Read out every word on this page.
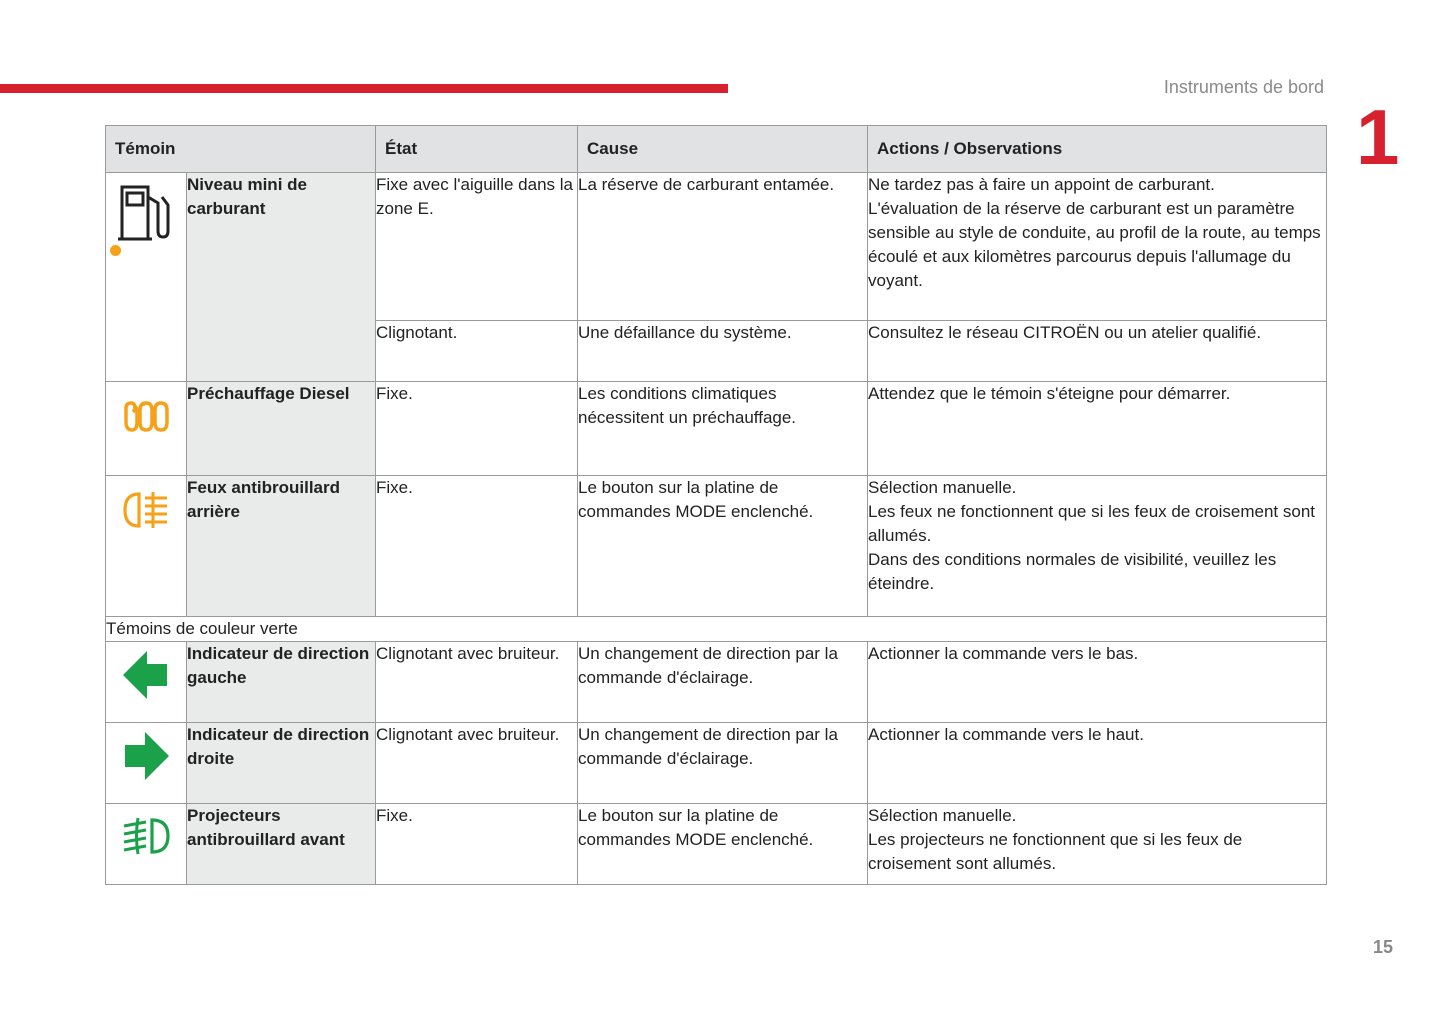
Instruments de bord
1
15
Témoin		État	Cause	Actions / Observations

	Niveau mini de carburant	Fixe avec l'aiguille dans la zone E.	La réserve de carburant entamée.	Ne tardez pas à faire un appoint de carburant.
L'évaluation de la réserve de carburant est un paramètre sensible au style de conduite, au profil de la route, au temps écoulé et aux kilomètres parcourus depuis l'allumage du voyant.

		Clignotant.	Une défaillance du système.	Consultez le réseau CITROËN ou un atelier qualifié.

	Préchauffage Diesel	Fixe.	Les conditions climatiques nécessitent un préchauffage.	Attendez que le témoin s'éteigne pour démarrer.

	Feux antibrouillard arrière	Fixe.	Le bouton sur la platine de commandes MODE enclenché.	Sélection manuelle.
Les feux ne fonctionnent que si les feux de croisement sont allumés.
Dans des conditions normales de visibilité, veuillez les éteindre.

Témoins de couleur verte				

	Indicateur de direction gauche	Clignotant avec bruiteur.	Un changement de direction par la commande d'éclairage.	Actionner la commande vers le bas.

	Indicateur de direction droite	Clignotant avec bruiteur.	Un changement de direction par la commande d'éclairage.	Actionner la commande vers le haut.

	Projecteurs antibrouillard avant	Fixe.	Le bouton sur la platine de commandes MODE enclenché.	Sélection manuelle.
Les projecteurs ne fonctionnent que si les feux de croisement sont allumés.
